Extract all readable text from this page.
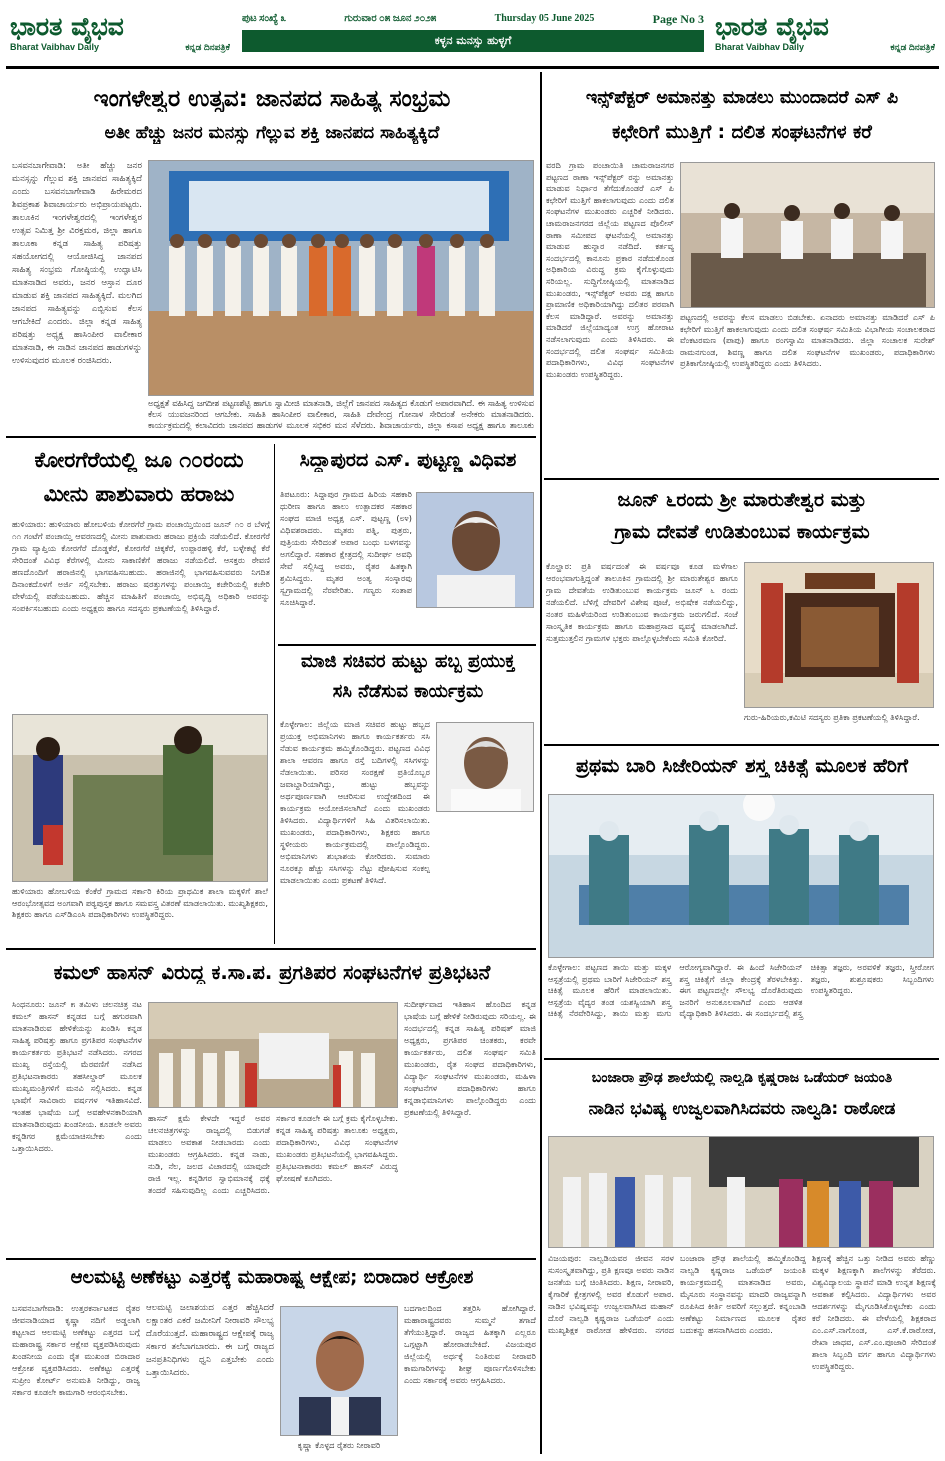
ಭಾರತ ವೈಭವ
Bharat Vaibhav Daily	ಕನ್ನಡ ದಿನಪತ್ರಿಕೆ
ಪುಟ ಸಂಖ್ಯೆ ೩	ಗುರುವಾರ ೦೫ ಜೂನ ೨೦೨೫	Thursday 05 June 2025	Page No 3
ಕಳ್ಳನ ಮನಸ್ಸು ಹುಳ್ಳಗೆ	ಭಾರತ ವೈಭವ
Bharat Vaibhav Daily	ಕನ್ನಡ ದಿನಪತ್ರಿಕೆ
ಇಂಗಳೇಶ್ವರ ಉತ್ಸವ: ಜಾನಪದ ಸಾಹಿತ್ಯ ಸಂಭ್ರಮ
ಅತೀ ಹೆಚ್ಚು ಜನರ ಮನಸ್ಸು ಗೆಲ್ಲುವ ಶಕ್ತಿ ಜಾನಪದ ಸಾಹಿತ್ಯಕ್ಕಿದೆ
ಬಸವನಬಾಗೇವಾಡಿ: ಅತೀ ಹೆಚ್ಚು ಜನರ ಮನಸ್ಸನ್ನು ಗೆಲ್ಲುವ ಶಕ್ತಿ ಜಾನಪದ ಸಾಹಿತ್ಯಕ್ಕಿದೆ ಎಂದು ಬಸವನಬಾಗೇವಾಡಿ ಹಿರೇಮಠದ ಶಿವಪ್ರಕಾಶ ಶಿವಾಚಾರ್ಯರು ಅಭಿಪ್ರಾಯಪಟ್ಟರು. ತಾಲೂಕಿನ ಇಂಗಳೇಶ್ವರದಲ್ಲಿ ಇಂಗಳೇಶ್ವರ ಉತ್ಸವ ನಿಮಿತ್ತ ಶ್ರೀ ವಿರಕ್ತಮಠ, ಜಿಲ್ಲಾ ಹಾಗೂ ತಾಲೂಕಾ ಕನ್ನಡ ಸಾಹಿತ್ಯ ಪರಿಷತ್ತು ಸಹಯೋಗದಲ್ಲಿ ಆಯೋಜಿಸಿದ್ದ ಜಾನಪದ ಸಾಹಿತ್ಯ ಸಂಭ್ರಮ ಗೋಷ್ಠಿಯಲ್ಲಿ ಉದ್ಘಾಟಿಸಿ ಮಾತನಾಡಿದ ಅವರು, ಜನರ ಆಸ್ತಾನ ದೂರ ಮಾಡುವ ಶಕ್ತಿ ಜಾನಪದ ಸಾಹಿತ್ಯಕ್ಕಿದೆ. ಮಲಗಿದ ಜಾನಪದ ಸಾಹಿತ್ಯವನ್ನು ಎಬ್ಬಿಸುವ ಕೆಲಸ ಆಗಬೇಕಿದೆ ಎಂದರು. ಜಿಲ್ಲಾ ಕನ್ನಡ ಸಾಹಿತ್ಯ ಪರಿಷತ್ತು ಅಧ್ಯಕ್ಷ ಹಾಸಿಂಪೀರ ವಾಲೀಕಾರ ಮಾತನಾಡಿ, ಈ ನಾಡಿನ ಜಾನಪದ ಹಾಡುಗಳನ್ನು ಉಳಿಸುವುದರ ಮೂಲಕ ರಂಜಿಸಿದರು.
ಅಧ್ಯಕ್ಷತೆ ವಹಿಸಿದ್ದ ಜಗದೀಶ ಪಟ್ಟಣಶೆಟ್ಟಿ ಹಾಗೂ ಸ್ವಾಮೀಜಿ ಮಾತನಾಡಿ, ಜಿಲ್ಲೆಗೆ ಜಾನಪದ ಸಾಹಿತ್ಯದ ಕೊಡುಗೆ ಅಪಾರವಾಗಿದೆ. ಈ ಸಾಹಿತ್ಯ ಉಳಿಸುವ ಕೆಲಸ ಯುವಜನರಿಂದ ಆಗಬೇಕು. ಸಾಹಿತಿ ಹಾಸಿಂಪೀರ ವಾಲೀಕಾರ, ಸಾಹಿತಿ ದೇವೇಂದ್ರ ಗೋನಾಳ ಸೇರಿದಂತೆ ಅನೇಕರು ಮಾತನಾಡಿದರು. ಕಾರ್ಯಕ್ರಮದಲ್ಲಿ ಕಲಾವಿದರು ಜಾನಪದ ಹಾಡುಗಳ ಮೂಲಕ ಸಭಿಕರ ಮನ ಸೆಳೆದರು. ಶಿವಾಚಾರ್ಯರು, ಜಿಲ್ಲಾ ಕಸಾಪ ಅಧ್ಯಕ್ಷ ಹಾಗೂ ತಾಲೂಕು
ಇನ್ಸ್‌ಪೆಕ್ಟರ್ ಅಮಾನತ್ತು ಮಾಡಲು ಮುಂದಾದರೆ ಎಸ್ ಪಿ
ಕಛೇರಿಗೆ ಮುತ್ತಿಗೆ : ದಲಿತ ಸಂಘಟನೆಗಳ ಕರೆ
ವರದಿ ಗ್ರಾಮ ಪಂಚಾಯಿತಿ ಚಾಮರಾಜನಗರ ಪಟ್ಟಣದ ಠಾಣಾ ಇನ್ಸ್‌ಪೆಕ್ಟರ್ ರನ್ನು ಅಮಾನತ್ತು ಮಾಡುವ ನಿರ್ಧಾರ ತೆಗೆದುಕೊಂಡರೆ ಎಸ್ ಪಿ ಕಛೇರಿಗೆ ಮುತ್ತಿಗೆ ಹಾಕಲಾಗುವುದು ಎಂದು ದಲಿತ ಸಂಘಟನೆಗಳ ಮುಖಂಡರು ಎಚ್ಚರಿಕೆ ನೀಡಿದರು. ಚಾಮರಾಜನಗರದ ಜಿಲ್ಲೆಯ ಪಟ್ಟಣದ ಪೊಲೀಸ್ ಠಾಣಾ ಸಮೀಪದ ಘಟನೆಯಲ್ಲಿ ಅಮಾನತ್ತು ಮಾಡುವ ಹುನ್ನಾರ ನಡೆದಿದೆ. ಕರ್ತವ್ಯ ಸಂದರ್ಭದಲ್ಲಿ ಕಾನೂನು ಪ್ರಕಾರ ನಡೆದುಕೊಂಡ ಅಧಿಕಾರಿಯ ವಿರುದ್ಧ ಕ್ರಮ ಕೈಗೊಳ್ಳುವುದು ಸರಿಯಲ್ಲ. ಸುದ್ದಿಗೋಷ್ಠಿಯಲ್ಲಿ ಮಾತನಾಡಿದ ಮುಖಂಡರು, ಇನ್ಸ್‌ಪೆಕ್ಟರ್ ಅವರು ದಕ್ಷ ಹಾಗೂ ಪ್ರಾಮಾಣಿಕ ಅಧಿಕಾರಿಯಾಗಿದ್ದು ದಲಿತರ ಪರವಾಗಿ ಕೆಲಸ ಮಾಡಿದ್ದಾರೆ. ಅವರನ್ನು ಅಮಾನತ್ತು ಮಾಡಿದರೆ ಜಿಲ್ಲೆಯಾದ್ಯಂತ ಉಗ್ರ ಹೋರಾಟ ನಡೆಸಲಾಗುವುದು ಎಂದು ತಿಳಿಸಿದರು. ಈ ಸಂದರ್ಭದಲ್ಲಿ ದಲಿತ ಸಂಘರ್ಷ ಸಮಿತಿಯ ಪದಾಧಿಕಾರಿಗಳು, ವಿವಿಧ ಸಂಘಟನೆಗಳ ಮುಖಂಡರು ಉಪಸ್ಥಿತರಿದ್ದರು.
ಪಟ್ಟಣದಲ್ಲಿ ಅವರನ್ನು ಕೆಲಸ ಮಾಡಲು ಬಿಡಬೇಕು. ಏನಾದರು ಅಮಾನತ್ತು ಮಾಡಿದರೆ ಎಸ್ ಪಿ ಕಛೇರಿಗೆ ಮುತ್ತಿಗೆ ಹಾಕಲಾಗುವುದು ಎಂದು ದಲಿತ ಸಂಘರ್ಷ ಸಮಿತಿಯ ವಿಭಾಗೀಯ ಸಂಚಾಲಕರಾದ ವೆಂಕಟರಮಣ (ಪಾಪು) ಹಾಗೂ ರಂಗಸ್ವಾಮಿ ಮಾತನಾಡಿದರು. ಜಿಲ್ಲಾ ಸಂಚಾಲಕ ಸುರೇಶ್ ರಾಮನಗುಂಡ, ಶಿವಣ್ಣ ಹಾಗೂ ದಲಿತ ಸಂಘಟನೆಗಳ ಮುಖಂಡರು, ಪದಾಧಿಕಾರಿಗಳು ಪ್ರತಿಕಾಗೋಷ್ಠಿಯಲ್ಲಿ ಉಪಸ್ಥಿತರಿದ್ದರು ಎಂದು ತಿಳಿಸಿದರು.
ಕೋರಗೆರೆಯಲ್ಲಿ ಜೂ ೧೦ರಂದು
ಮೀನು ಪಾಶುವಾರು ಹರಾಜು
ಹುಳಿಯಾರು: ಹುಳಿಯಾರು ಹೋಬಳಿಯ ಕೋರಗೆರೆ ಗ್ರಾಮ ಪಂಚಾಯ್ತಿಯಿಂದ ಜೂನ್ ೧೦ ರ ಬೆಳಗ್ಗೆ ೧೧ ಗಂಟೆಗೆ ಪಂಚಾಯ್ತಿ ಆವರಣದಲ್ಲಿ ಮೀನು ಪಾಶುವಾರು ಹರಾಜು ಪ್ರಕ್ರಿಯೆ ನಡೆಯಲಿದೆ. ಕೋರಗೆರೆ ಗ್ರಾಮ ವ್ಯಾಪ್ತಿಯ ಕೋರಗೆರೆ ದೊಡ್ಡಕೆರೆ, ಕೋರಗೆರೆ ಚಿಕ್ಕಕೆರೆ, ಉಪ್ಪಾರಹಳ್ಳಿ ಕೆರೆ, ಬಳ್ಳೇಕಟ್ಟೆ ಕೆರೆ ಸೇರಿದಂತೆ ವಿವಿಧ ಕೆರೆಗಳಲ್ಲಿ ಮೀನು ಸಾಕಾಣಿಕೆಗೆ ಹರಾಜು ನಡೆಯಲಿದೆ. ಆಸಕ್ತರು ಠೇವಣಿ ಹಣದೊಂದಿಗೆ ಹರಾಜಿನಲ್ಲಿ ಭಾಗವಹಿಸಬಹುದು. ಹರಾಜಿನಲ್ಲಿ ಭಾಗವಹಿಸುವವರು ನಿಗದಿತ ದಿನಾಂಕದೊಳಗೆ ಅರ್ಜಿ ಸಲ್ಲಿಸಬೇಕು. ಹರಾಜು ಷರತ್ತುಗಳನ್ನು ಪಂಚಾಯ್ತಿ ಕಚೇರಿಯಲ್ಲಿ ಕಚೇರಿ ವೇಳೆಯಲ್ಲಿ ಪಡೆಯಬಹುದು. ಹೆಚ್ಚಿನ ಮಾಹಿತಿಗೆ ಪಂಚಾಯ್ತಿ ಅಭಿವೃದ್ಧಿ ಅಧಿಕಾರಿ ಅವರನ್ನು ಸಂಪರ್ಕಿಸಬಹುದು ಎಂದು ಅಧ್ಯಕ್ಷರು ಹಾಗೂ ಸದಸ್ಯರು ಪ್ರಕಟಣೆಯಲ್ಲಿ ತಿಳಿಸಿದ್ದಾರೆ.
ಹುಳಿಯಾರು ಹೋಬಳಿಯ ಕೆಂಕೆರೆ ಗ್ರಾಮದ ಸರ್ಕಾರಿ ಕಿರಿಯ ಪ್ರಾಥಮಿಕ ಶಾಲಾ ಮಕ್ಕಳಿಗೆ ಶಾಲೆ ಆರಂಭೋತ್ಸವದ ಅಂಗವಾಗಿ ಪಠ್ಯಪುಸ್ತಕ ಹಾಗೂ ಸಮವಸ್ತ್ರ ವಿತರಣೆ ಮಾಡಲಾಯಿತು. ಮುಖ್ಯಶಿಕ್ಷಕರು, ಶಿಕ್ಷಕರು ಹಾಗೂ ಎಸ್‌ಡಿಎಂಸಿ ಪದಾಧಿಕಾರಿಗಳು ಉಪಸ್ಥಿತರಿದ್ದರು.
ಸಿದ್ದಾಪುರದ ಎಸ್. ಪುಟ್ಟಣ್ಣ ವಿಧಿವಶ
ತಿಪಟೂರು: ಸಿದ್ದಾಪುರ ಗ್ರಾಮದ ಹಿರಿಯ ಸಹಕಾರಿ ಧುರೀಣ ಹಾಗೂ ಹಾಲು ಉತ್ಪಾದಕರ ಸಹಕಾರ ಸಂಘದ ಮಾಜಿ ಅಧ್ಯಕ್ಷ ಎಸ್. ಪುಟ್ಟಣ್ಣ (೮೪) ವಿಧಿವಶರಾದರು. ಮೃತರು ಪತ್ನಿ, ಪುತ್ರರು, ಪುತ್ರಿಯರು ಸೇರಿದಂತೆ ಅಪಾರ ಬಂಧು ಬಳಗವನ್ನು ಅಗಲಿದ್ದಾರೆ. ಸಹಕಾರ ಕ್ಷೇತ್ರದಲ್ಲಿ ಸುದೀರ್ಘ ಅವಧಿ ಸೇವೆ ಸಲ್ಲಿಸಿದ್ದ ಅವರು, ರೈತರ ಹಿತಕ್ಕಾಗಿ ಶ್ರಮಿಸಿದ್ದರು. ಮೃತರ ಅಂತ್ಯ ಸಂಸ್ಕಾರವು ಸ್ವಗ್ರಾಮದಲ್ಲಿ ನೆರವೇರಿತು. ಗಣ್ಯರು ಸಂತಾಪ ಸೂಚಿಸಿದ್ದಾರೆ.
ಮಾಜಿ ಸಚಿವರ ಹುಟ್ಟು ಹಬ್ಬ ಪ್ರಯುಕ್ತ
ಸಸಿ ನೆಡೆಸುವ ಕಾರ್ಯಕ್ರಮ
ಕೊಳ್ಳೇಗಾಲ: ಜಿಲ್ಲೆಯ ಮಾಜಿ ಸಚಿವರ ಹುಟ್ಟು ಹಬ್ಬದ ಪ್ರಯುಕ್ತ ಅಭಿಮಾನಿಗಳು ಹಾಗೂ ಕಾರ್ಯಕರ್ತರು ಸಸಿ ನೆಡುವ ಕಾರ್ಯಕ್ರಮ ಹಮ್ಮಿಕೊಂಡಿದ್ದರು. ಪಟ್ಟಣದ ವಿವಿಧ ಶಾಲಾ ಆವರಣ ಹಾಗೂ ರಸ್ತೆ ಬದಿಗಳಲ್ಲಿ ಸಸಿಗಳನ್ನು ನೆಡಲಾಯಿತು. ಪರಿಸರ ಸಂರಕ್ಷಣೆ ಪ್ರತಿಯೊಬ್ಬರ ಜವಾಬ್ದಾರಿಯಾಗಿದ್ದು, ಹುಟ್ಟು ಹಬ್ಬವನ್ನು ಅರ್ಥಪೂರ್ಣವಾಗಿ ಆಚರಿಸುವ ಉದ್ದೇಶದಿಂದ ಈ ಕಾರ್ಯಕ್ರಮ ಆಯೋಜಿಸಲಾಗಿದೆ ಎಂದು ಮುಖಂಡರು ತಿಳಿಸಿದರು. ವಿದ್ಯಾರ್ಥಿಗಳಿಗೆ ಸಿಹಿ ವಿತರಿಸಲಾಯಿತು. ಮುಖಂಡರು, ಪದಾಧಿಕಾರಿಗಳು, ಶಿಕ್ಷಕರು ಹಾಗೂ ಸ್ಥಳೀಯರು ಕಾರ್ಯಕ್ರಮದಲ್ಲಿ ಪಾಲ್ಗೊಂಡಿದ್ದರು. ಅಭಿಮಾನಿಗಳು ಶುಭಾಶಯ ಕೋರಿದರು. ಸುಮಾರು ನೂರಕ್ಕೂ ಹೆಚ್ಚು ಸಸಿಗಳನ್ನು ನೆಟ್ಟು ಪೋಷಿಸುವ ಸಂಕಲ್ಪ ಮಾಡಲಾಯಿತು ಎಂದು ಪ್ರಕಟಣೆ ತಿಳಿಸಿದೆ.
ಜೂನ್ ೬ರಂದು ಶ್ರೀ ಮಾರುತೇಶ್ವರ ಮತ್ತು
ಗ್ರಾಮ ದೇವತೆ ಉಡಿತುಂಬುವ ಕಾರ್ಯಕ್ರಮ
ಕೊಲ್ಹಾರ: ಪ್ರತಿ ವರ್ಷದಂತೆ ಈ ವರ್ಷವೂ ಕೂಡ ಮಳೆಗಾಲ ಆರಂಭವಾಗುತ್ತಿದ್ದಂತೆ ತಾಲೂಕಿನ ಗ್ರಾಮದಲ್ಲಿ ಶ್ರೀ ಮಾರುತೇಶ್ವರ ಹಾಗೂ ಗ್ರಾಮ ದೇವತೆಯ ಉಡಿತುಂಬುವ ಕಾರ್ಯಕ್ರಮ ಜೂನ್ ೬ ರಂದು ನಡೆಯಲಿದೆ. ಬೆಳಿಗ್ಗೆ ದೇವರಿಗೆ ವಿಶೇಷ ಪೂಜೆ, ಅಭಿಷೇಕ ನಡೆಯಲಿದ್ದು, ನಂತರ ಮಹಿಳೆಯರಿಂದ ಉಡಿತುಂಬುವ ಕಾರ್ಯಕ್ರಮ ಜರುಗಲಿದೆ. ಸಂಜೆ ಸಾಂಸ್ಕೃತಿಕ ಕಾರ್ಯಕ್ರಮ ಹಾಗೂ ಮಹಾಪ್ರಸಾದ ವ್ಯವಸ್ಥೆ ಮಾಡಲಾಗಿದೆ. ಸುತ್ತಮುತ್ತಲಿನ ಗ್ರಾಮಗಳ ಭಕ್ತರು ಪಾಲ್ಗೊಳ್ಳಬೇಕೆಂದು ಸಮಿತಿ ಕೋರಿದೆ.
ಗುರು-ಹಿರಿಯರು,ಕಮಿಟಿ ಸದಸ್ಯರು ಪ್ರತಿಕಾ ಪ್ರಕಟಣೆಯಲ್ಲಿ ತಿಳಿಸಿದ್ದಾರೆ.
ಪ್ರಥಮ ಬಾರಿ ಸಿಜೇರಿಯನ್ ಶಸ್ತ್ರ ಚಿಕಿತ್ಸೆ ಮೂಲಕ ಹೆರಿಗೆ
ಕೊಳ್ಳೇಗಾಲ: ಪಟ್ಟಣದ ತಾಯಿ ಮತ್ತು ಮಕ್ಕಳ ಆಸ್ಪತ್ರೆಯಲ್ಲಿ ಪ್ರಥಮ ಬಾರಿಗೆ ಸಿಜೇರಿಯನ್ ಶಸ್ತ್ರ ಚಿಕಿತ್ಸೆ ಮೂಲಕ ಹೆರಿಗೆ ಮಾಡಲಾಯಿತು. ಆಸ್ಪತ್ರೆಯ ವೈದ್ಯರ ತಂಡ ಯಶಸ್ವಿಯಾಗಿ ಶಸ್ತ್ರ ಚಿಕಿತ್ಸೆ ನೆರವೇರಿಸಿದ್ದು, ತಾಯಿ ಮತ್ತು ಮಗು ಆರೋಗ್ಯವಾಗಿದ್ದಾರೆ. ಈ ಹಿಂದೆ ಸಿಜೇರಿಯನ್ ಶಸ್ತ್ರ ಚಿಕಿತ್ಸೆಗೆ ಜಿಲ್ಲಾ ಕೇಂದ್ರಕ್ಕೆ ತೆರಳಬೇಕಿತ್ತು. ಈಗ ಪಟ್ಟಣದಲ್ಲೇ ಸೌಲಭ್ಯ ದೊರೆತಿರುವುದು ಜನರಿಗೆ ಅನುಕೂಲವಾಗಿದೆ ಎಂದು ಆಡಳಿತ ವೈದ್ಯಾಧಿಕಾರಿ ತಿಳಿಸಿದರು. ಈ ಸಂದರ್ಭದಲ್ಲಿ ಶಸ್ತ್ರ ಚಿಕಿತ್ಸಾ ತಜ್ಞರು, ಅರವಳಿಕೆ ತಜ್ಞರು, ಸ್ತ್ರೀರೋಗ ತಜ್ಞರು, ಶುಶ್ರೂಷಕರು ಸಿಬ್ಬಂದಿಗಳು ಉಪಸ್ಥಿತರಿದ್ದರು.
ಕಮಲ್ ಹಾಸನ್ ವಿರುದ್ಧ ಕ.ಸಾ.ಪ. ಪ್ರಗತಿಪರ ಸಂಘಟನೆಗಳ ಪ್ರತಿಭಟನೆ
ಸಿಂಧನೂರು: ಜೂನ್ ೫ ತಮಿಳು ಚಲನಚಿತ್ರ ನಟ ಕಮಲ್ ಹಾಸನ್ ಕನ್ನಡದ ಬಗ್ಗೆ ಹಗುರವಾಗಿ ಮಾತನಾಡಿರುವ ಹೇಳಿಕೆಯನ್ನು ಖಂಡಿಸಿ ಕನ್ನಡ ಸಾಹಿತ್ಯ ಪರಿಷತ್ತು ಹಾಗೂ ಪ್ರಗತಿಪರ ಸಂಘಟನೆಗಳ ಕಾರ್ಯಕರ್ತರು ಪ್ರತಿಭಟನೆ ನಡೆಸಿದರು. ನಗರದ ಮುಖ್ಯ ರಸ್ತೆಯಲ್ಲಿ ಮೆರವಣಿಗೆ ನಡೆಸಿದ ಪ್ರತಿಭಟನಾಕಾರರು ತಹಸೀಲ್ದಾರ್ ಮೂಲಕ ಮುಖ್ಯಮಂತ್ರಿಗಳಿಗೆ ಮನವಿ ಸಲ್ಲಿಸಿದರು. ಕನ್ನಡ ಭಾಷೆಗೆ ಸಾವಿರಾರು ವರ್ಷಗಳ ಇತಿಹಾಸವಿದೆ. ಇಂತಹ ಭಾಷೆಯ ಬಗ್ಗೆ ಅವಹೇಳನಕಾರಿಯಾಗಿ ಮಾತನಾಡಿರುವುದು ಖಂಡನೀಯ. ಕೂಡಲೇ ಅವರು ಕನ್ನಡಿಗರ ಕ್ಷಮೆಯಾಚಿಸಬೇಕು ಎಂದು ಒತ್ತಾಯಿಸಿದರು.
ಸುದೀರ್ಘವಾದ ಇತಿಹಾಸ ಹೊಂದಿದ ಕನ್ನಡ ಭಾಷೆಯ ಬಗ್ಗೆ ಹೇಳಿಕೆ ನೀಡಿರುವುದು ಸರಿಯಲ್ಲ. ಈ ಸಂದರ್ಭದಲ್ಲಿ ಕನ್ನಡ ಸಾಹಿತ್ಯ ಪರಿಷತ್ ಮಾಜಿ ಅಧ್ಯಕ್ಷರು, ಪ್ರಗತಿಪರ ಚಿಂತಕರು, ಕರವೇ ಕಾರ್ಯಕರ್ತರು, ದಲಿತ ಸಂಘರ್ಷ ಸಮಿತಿ ಮುಖಂಡರು, ರೈತ ಸಂಘದ ಪದಾಧಿಕಾರಿಗಳು, ವಿದ್ಯಾರ್ಥಿ ಸಂಘಟನೆಗಳ ಮುಖಂಡರು, ಮಹಿಳಾ ಸಂಘಟನೆಗಳ ಪದಾಧಿಕಾರಿಗಳು ಹಾಗೂ ಕನ್ನಡಾಭಿಮಾನಿಗಳು ಪಾಲ್ಗೊಂಡಿದ್ದರು ಎಂದು ಪ್ರಕಟಣೆಯಲ್ಲಿ ತಿಳಿಸಿದ್ದಾರೆ.
ಹಾಸನ್ ಕ್ಷಮೆ ಕೇಳದೇ ಇದ್ದರೆ ಅವರ ಚಲನಚಿತ್ರಗಳನ್ನು ರಾಜ್ಯದಲ್ಲಿ ಬಿಡುಗಡೆ ಮಾಡಲು ಅವಕಾಶ ನೀಡಬಾರದು ಎಂದು ಮುಖಂಡರು ಆಗ್ರಹಿಸಿದರು. ಕನ್ನಡ ನಾಡು, ನುಡಿ, ನೆಲ, ಜಲದ ವಿಚಾರದಲ್ಲಿ ಯಾವುದೇ ರಾಜಿ ಇಲ್ಲ. ಕನ್ನಡಿಗರ ಸ್ವಾಭಿಮಾನಕ್ಕೆ ಧಕ್ಕೆ ತಂದರೆ ಸಹಿಸುವುದಿಲ್ಲ ಎಂದು ಎಚ್ಚರಿಸಿದರು. ಸರ್ಕಾರ ಕೂಡಲೇ ಈ ಬಗ್ಗೆ ಕ್ರಮ ಕೈಗೊಳ್ಳಬೇಕು. ಕನ್ನಡ ಸಾಹಿತ್ಯ ಪರಿಷತ್ತು ತಾಲೂಕು ಅಧ್ಯಕ್ಷರು, ಪದಾಧಿಕಾರಿಗಳು, ವಿವಿಧ ಸಂಘಟನೆಗಳ ಮುಖಂಡರು ಪ್ರತಿಭಟನೆಯಲ್ಲಿ ಭಾಗವಹಿಸಿದ್ದರು. ಪ್ರತಿಭಟನಾಕಾರರು ಕಮಲ್ ಹಾಸನ್ ವಿರುದ್ಧ ಘೋಷಣೆ ಕೂಗಿದರು.
ಬಂಜಾರಾ ಪ್ರೌಢ ಶಾಲೆಯಲ್ಲಿ ನಾಲ್ವಡಿ ಕೃಷ್ಣರಾಜ ಒಡೆಯರ್ ಜಯಂತಿ
ನಾಡಿನ ಭವಿಷ್ಯ ಉಜ್ವಲವಾಗಿಸಿದವರು ನಾಲ್ವಡಿ: ರಾಠೋಡ
ವಿಜಯಪುರ: ನಾಲ್ವಡಿಯವರ ಜೀವನ ಸರಳ ಸುಸಂಸ್ಕೃತವಾಗಿದ್ದು, ಪ್ರತಿ ಕ್ಷಣವೂ ಅವರು ನಾಡಿನ ಜನತೆಯ ಬಗ್ಗೆ ಚಿಂತಿಸಿದರು. ಶಿಕ್ಷಣ, ನೀರಾವರಿ, ಕೈಗಾರಿಕೆ ಕ್ಷೇತ್ರಗಳಲ್ಲಿ ಅವರ ಕೊಡುಗೆ ಅಪಾರ. ನಾಡಿನ ಭವಿಷ್ಯವನ್ನು ಉಜ್ವಲವಾಗಿಸಿದ ಮಹಾನ್ ದೊರೆ ನಾಲ್ವಡಿ ಕೃಷ್ಣರಾಜ ಒಡೆಯರ್ ಎಂದು ಮುಖ್ಯಶಿಕ್ಷಕ ರಾಠೋಡ ಹೇಳಿದರು. ನಗರದ ಬಂಜಾರಾ ಪ್ರೌಢ ಶಾಲೆಯಲ್ಲಿ ಹಮ್ಮಿಕೊಂಡಿದ್ದ ನಾಲ್ವಡಿ ಕೃಷ್ಣರಾಜ ಒಡೆಯರ್ ಜಯಂತಿ ಕಾರ್ಯಕ್ರಮದಲ್ಲಿ ಮಾತನಾಡಿದ ಅವರು, ಮೈಸೂರು ಸಂಸ್ಥಾನವನ್ನು ಮಾದರಿ ರಾಜ್ಯವನ್ನಾಗಿ ರೂಪಿಸಿದ ಕೀರ್ತಿ ಅವರಿಗೆ ಸಲ್ಲುತ್ತದೆ. ಕನ್ನಂಬಾಡಿ ಅಣೆಕಟ್ಟು ನಿರ್ಮಾಣದ ಮೂಲಕ ರೈತರ ಬದುಕನ್ನು ಹಸನಾಗಿಸಿದರು ಎಂದರು.
ಶಿಕ್ಷಣಕ್ಕೆ ಹೆಚ್ಚಿನ ಒತ್ತು ನೀಡಿದ ಅವರು ಹೆಣ್ಣು ಮಕ್ಕಳ ಶಿಕ್ಷಣಕ್ಕಾಗಿ ಶಾಲೆಗಳನ್ನು ತೆರೆದರು. ವಿಶ್ವವಿದ್ಯಾಲಯ ಸ್ಥಾಪನೆ ಮಾಡಿ ಉನ್ನತ ಶಿಕ್ಷಣಕ್ಕೆ ಅವಕಾಶ ಕಲ್ಪಿಸಿದರು. ವಿದ್ಯಾರ್ಥಿಗಳು ಅವರ ಆದರ್ಶಗಳನ್ನು ಮೈಗೂಡಿಸಿಕೊಳ್ಳಬೇಕು ಎಂದು ಕರೆ ನೀಡಿದರು. ಈ ವೇಳೆಯಲ್ಲಿ ಶಿಕ್ಷಕರಾದ ಎಂ.ಎಸ್.ನಾಗೊಂಡ, ಎಸ್.ಕೆ.ರಾಠೋಡ, ರೇಖಾ ಜಾಧವ, ಎಸ್.ಎಂ.ಪೂಜಾರಿ ಸೇರಿದಂತೆ ಶಾಲಾ ಸಿಬ್ಬಂದಿ ವರ್ಗ ಹಾಗೂ ವಿದ್ಯಾರ್ಥಿಗಳು ಉಪಸ್ಥಿತರಿದ್ದರು.
ಆಲಮಟ್ಟಿ ಅಣೆಕಟ್ಟು ಎತ್ತರಕ್ಕೆ ಮಹಾರಾಷ್ಟ್ರ ಆಕ್ಷೇಪ; ಬಿರಾದಾರ ಆಕ್ರೋಶ
ಬಸವನಬಾಗೇವಾಡಿ: ಉತ್ತರಕರ್ನಾಟಕದ ರೈತರ ಜೀವನಾಡಿಯಾದ ಕೃಷ್ಣಾ ನದಿಗೆ ಅಡ್ಡಲಾಗಿ ಕಟ್ಟಲಾದ ಆಲಮಟ್ಟಿ ಅಣೆಕಟ್ಟು ಎತ್ತರದ ಬಗ್ಗೆ ಮಹಾರಾಷ್ಟ್ರ ಸರ್ಕಾರ ಆಕ್ಷೇಪ ವ್ಯಕ್ತಪಡಿಸಿರುವುದು ಖಂಡನೀಯ ಎಂದು ರೈತ ಮುಖಂಡ ಬಿರಾದಾರ ಆಕ್ರೋಶ ವ್ಯಕ್ತಪಡಿಸಿದರು. ಅಣೆಕಟ್ಟು ಎತ್ತರಕ್ಕೆ ಸುಪ್ರೀಂ ಕೋರ್ಟ್ ಅನುಮತಿ ನೀಡಿದ್ದು, ರಾಜ್ಯ ಸರ್ಕಾರ ಕೂಡಲೇ ಕಾಮಗಾರಿ ಆರಂಭಿಸಬೇಕು.
ಆಲಮಟ್ಟಿ ಜಲಾಶಯದ ಎತ್ತರ ಹೆಚ್ಚಿಸಿದರೆ ಲಕ್ಷಾಂತರ ಎಕರೆ ಜಮೀನಿಗೆ ನೀರಾವರಿ ಸೌಲಭ್ಯ ದೊರೆಯುತ್ತದೆ. ಮಹಾರಾಷ್ಟ್ರದ ಆಕ್ಷೇಪಕ್ಕೆ ರಾಜ್ಯ ಸರ್ಕಾರ ತಲೆಬಾಗಬಾರದು. ಈ ಬಗ್ಗೆ ರಾಜ್ಯದ ಜನಪ್ರತಿನಿಧಿಗಳು ಧ್ವನಿ ಎತ್ತಬೇಕು ಎಂದು ಒತ್ತಾಯಿಸಿದರು.
ಕೃಷ್ಣಾ ಕೊಳ್ಳದ ರೈತರು ನೀರಾವರಿ
ಬದಗಾಲದಿಂದ ತತ್ತರಿಸಿ ಹೋಗಿದ್ದಾರೆ. ಮಹಾರಾಷ್ಟ್ರದವರು ಸುಮ್ಮನೆ ತಗಾದೆ ತೆಗೆಯುತ್ತಿದ್ದಾರೆ. ರಾಜ್ಯದ ಹಿತಕ್ಕಾಗಿ ಎಲ್ಲರೂ ಒಗ್ಗಟ್ಟಾಗಿ ಹೋರಾಡಬೇಕಿದೆ. ವಿಜಯಪುರ ಜಿಲ್ಲೆಯಲ್ಲಿ ಅರ್ಧಕ್ಕೆ ನಿಂತಿರುವ ನೀರಾವರಿ ಕಾಮಗಾರಿಗಳನ್ನು ಶೀಘ್ರ ಪೂರ್ಣಗೊಳಿಸಬೇಕು ಎಂದು ಸರ್ಕಾರಕ್ಕೆ ಅವರು ಆಗ್ರಹಿಸಿದರು.
